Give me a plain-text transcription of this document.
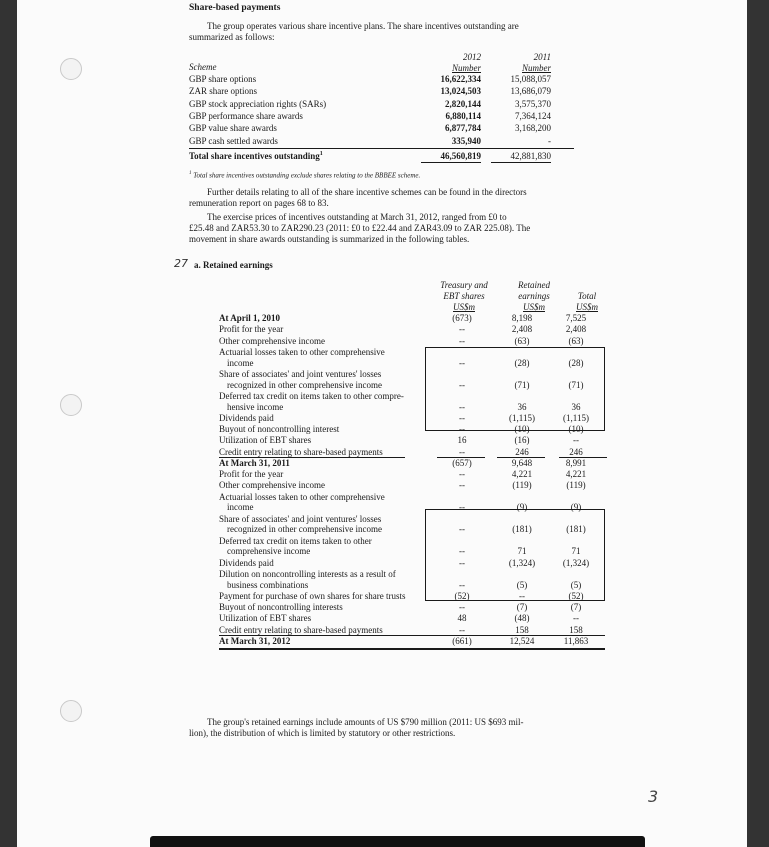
Share-based payments
The group operates various share incentive plans. The share incentives outstanding are
summarized as follows:
2012	2011
Number	Number
Scheme
GBP share options	16,622,334	15,088,057
ZAR share options	13,024,503	13,686,079
GBP stock appreciation rights (SARs)	2,820,144	3,575,370
GBP performance share awards	6,880,114	7,364,124
GBP value share awards	6,877,784	3,168,200
GBP cash settled awards	335,940	-
Total share incentives outstanding$^1$	46,560,819	42,881,830
$^1$ Total share incentives outstanding exclude shares relating to the BBBEE scheme.
Further details relating to all of the share incentive schemes can be found in the directors
remuneration report on pages 68 to 83.
The exercise prices of incentives outstanding at March 31, 2012, ranged from £0 to
£25.48 and ZAR53.30 to ZAR290.23 (2011: £0 to £22.44 and ZAR43.09 to ZAR 225.08). The
movement in share awards outstanding is summarized in the following tables.
27 a. Retained earnings
Treasury and
EBT shares
US$m
Retained
earnings
US$m
Total
US$m
At April 1, 2010	(673)	8,198	7,525
Profit for the year	--	2,408	2,408
Other comprehensive income	--	(63)	(63)
Actuarial losses taken to other comprehensive
income	--	(28)	(28)
Share of associates' and joint ventures' losses
recognized in other comprehensive income	--	(71)	(71)
Deferred tax credit on items taken to other compre-
hensive income	--	36	36
Dividends paid	--	(1,115)	(1,115)
Buyout of noncontrolling interest	--	(10)	(10)
Utilization of EBT shares	16	(16)	--
Credit entry relating to share-based payments	--	246	246
At March 31, 2011	(657)	9,648	8,991
Profit for the year	--	4,221	4,221
Other comprehensive income	--	(119)	(119)
Actuarial losses taken to other comprehensive
income	--	(9)	(9)
Share of associates' and joint ventures' losses
recognized in other comprehensive income	--	(181)	(181)
Deferred tax credit on items taken to other
comprehensive income	--	71	71
Dividends paid	--	(1,324)	(1,324)
Dilution on noncontrolling interests as a result of
business combinations	--	(5)	(5)
Payment for purchase of own shares for share trusts	(52)	--	(52)
Buyout of noncontrolling interests	--	(7)	(7)
Utilization of EBT shares	48	(48)	--
Credit entry relating to share-based payments	--	158	158
At March 31, 2012	(661)	12,524	11,863
The group's retained earnings include amounts of US $790 million (2011: US $693 mil-
lion), the distribution of which is limited by statutory or other restrictions.
3
